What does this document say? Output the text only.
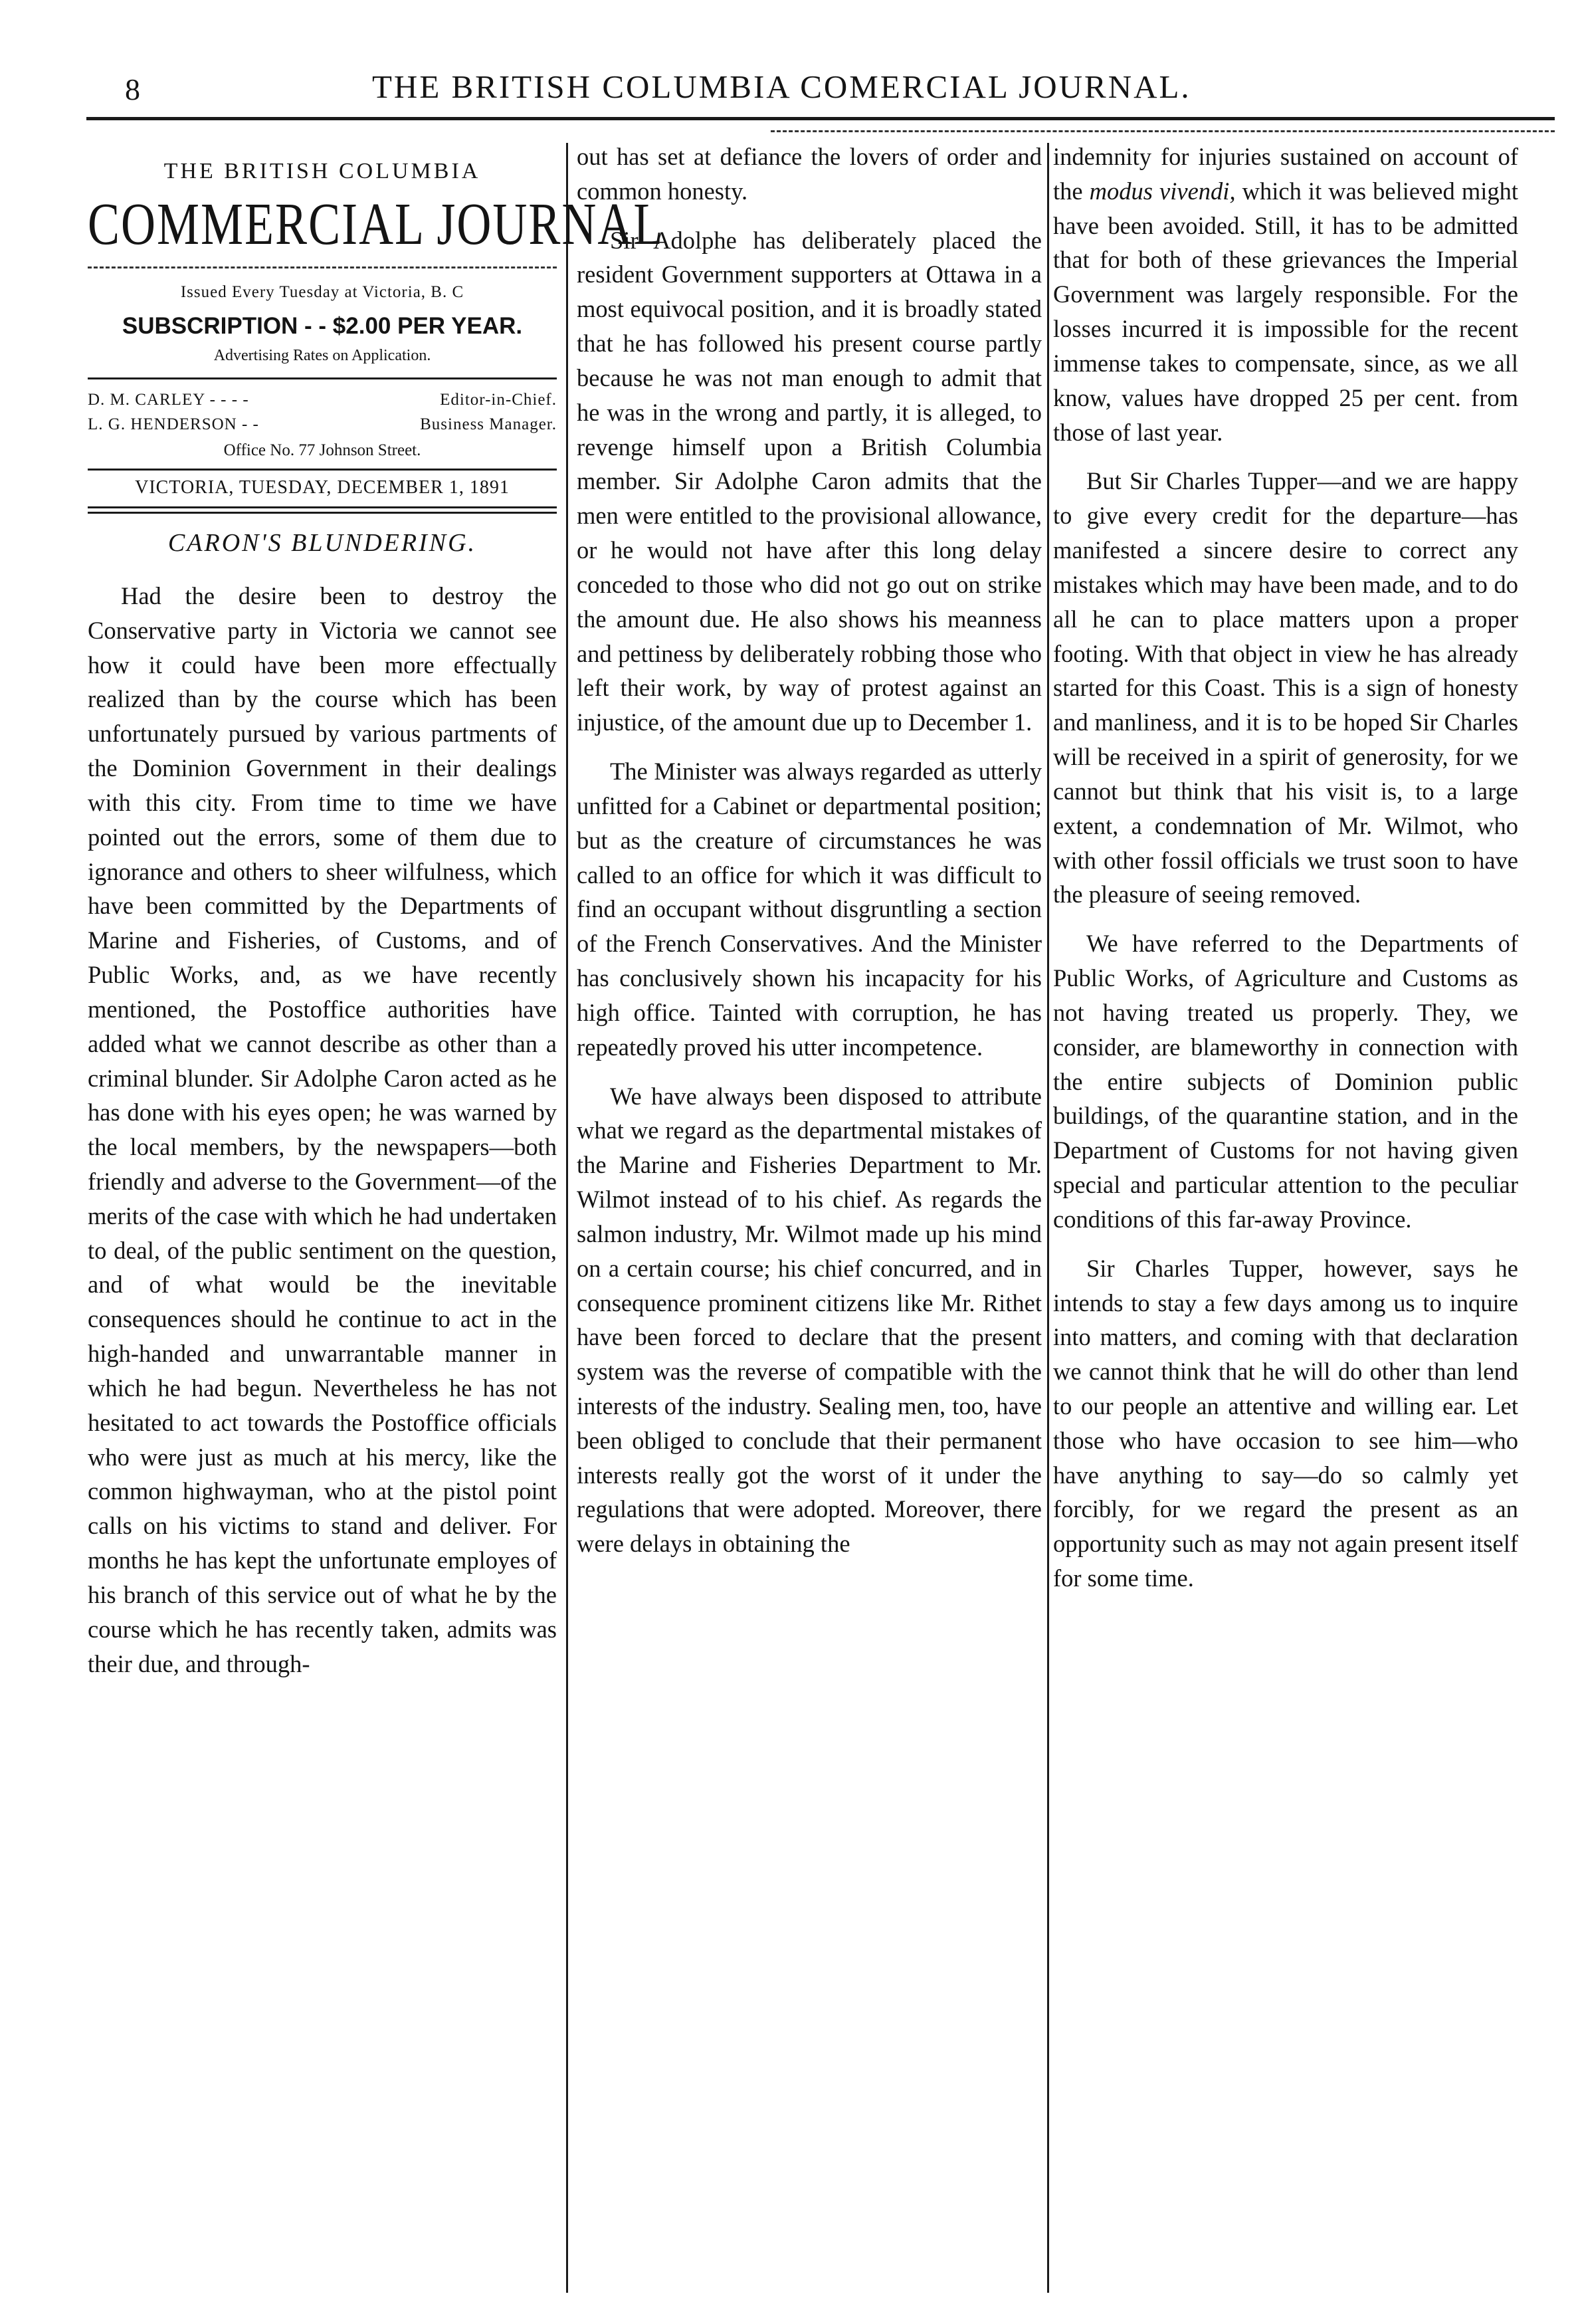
8	THE BRITISH COLUMBIA COMERCIAL JOURNAL.
THE BRITISH COLUMBIA
COMMERCIAL JOURNAL
Issued Every Tuesday at Victoria, B. C
SUBSCRIPTION - - $2.00 PER YEAR.
Advertising Rates on Application.
D. M. CARLEY - - - -	Editor-in-Chief.
L. G. HENDERSON - -	Business Manager.
Office No. 77 Johnson Street.
VICTORIA, TUESDAY, DECEMBER 1, 1891
CARON'S BLUNDERING.

Had the desire been to destroy the Conservative party in Victoria we cannot see how it could have been more effectually realized than by the course which has been unfortunately pursued by various partments of the Dominion Government in their dealings with this city. From time to time we have pointed out the errors, some of them due to ignorance and others to sheer wilfulness, which have been committed by the Departments of Marine and Fisheries, of Customs, and of Public Works, and, as we have recently mentioned, the Postoffice authorities have added what we cannot describe as other than a criminal blunder. Sir Adolphe Caron acted as he has done with his eyes open; he was warned by the local members, by the newspapers—both friendly and adverse to the Government—of the merits of the case with which he had undertaken to deal, of the public sentiment on the question, and of what would be the inevitable consequences should he continue to act in the high-handed and unwarrantable manner in which he had begun. Nevertheless he has not hesitated to act towards the Postoffice officials who were just as much at his mercy, like the common highwayman, who at the pistol point calls on his victims to stand and deliver. For months he has kept the unfortunate employes of his branch of this service out of what he by the course which he has recently taken, admits was their due, and through-

out has set at defiance the lovers of order and common honesty.

Sir Adolphe has deliberately placed the resident Government supporters at Ottawa in a most equivocal position, and it is broadly stated that he has followed his present course partly because he was not man enough to admit that he was in the wrong and partly, it is alleged, to revenge himself upon a British Columbia member. Sir Adolphe Caron admits that the men were entitled to the provisional allowance, or he would not have after this long delay conceded to those who did not go out on strike the amount due. He also shows his meanness and pettiness by deliberately robbing those who left their work, by way of protest against an injustice, of the amount due up to December 1.

The Minister was always regarded as utterly unfitted for a Cabinet or departmental position; but as the creature of circumstances he was called to an office for which it was difficult to find an occupant without disgruntling a section of the French Conservatives. And the Minister has conclusively shown his incapacity for his high office. Tainted with corruption, he has repeatedly proved his utter incompetence.

We have always been disposed to attribute what we regard as the departmental mistakes of the Marine and Fisheries Department to Mr. Wilmot instead of to his chief. As regards the salmon industry, Mr. Wilmot made up his mind on a certain course; his chief concurred, and in consequence prominent citizens like Mr. Rithet have been forced to declare that the present system was the reverse of compatible with the interests of the industry. Sealing men, too, have been obliged to conclude that their permanent interests really got the worst of it under the regulations that were adopted. Moreover, there were delays in obtaining the

indemnity for injuries sustained on account of the modus vivendi, which it was believed might have been avoided. Still, it has to be admitted that for both of these grievances the Imperial Government was largely responsible. For the losses incurred it is impossible for the recent immense takes to compensate, since, as we all know, values have dropped 25 per cent. from those of last year.

But Sir Charles Tupper—and we are happy to give every credit for the departure—has manifested a sincere desire to correct any mistakes which may have been made, and to do all he can to place matters upon a proper footing. With that object in view he has already started for this Coast. This is a sign of honesty and manliness, and it is to be hoped Sir Charles will be received in a spirit of generosity, for we cannot but think that his visit is, to a large extent, a condemnation of Mr. Wilmot, who with other fossil officials we trust soon to have the pleasure of seeing removed.

We have referred to the Departments of Public Works, of Agriculture and Customs as not having treated us properly. They, we consider, are blameworthy in connection with the entire subjects of Dominion public buildings, of the quarantine station, and in the Department of Customs for not having given special and particular attention to the peculiar conditions of this far-away Province.

Sir Charles Tupper, however, says he intends to stay a few days among us to inquire into matters, and coming with that declaration we cannot think that he will do other than lend to our people an attentive and willing ear. Let those who have occasion to see him—who have anything to say—do so calmly yet forcibly, for we regard the present as an opportunity such as may not again present itself for some time.
